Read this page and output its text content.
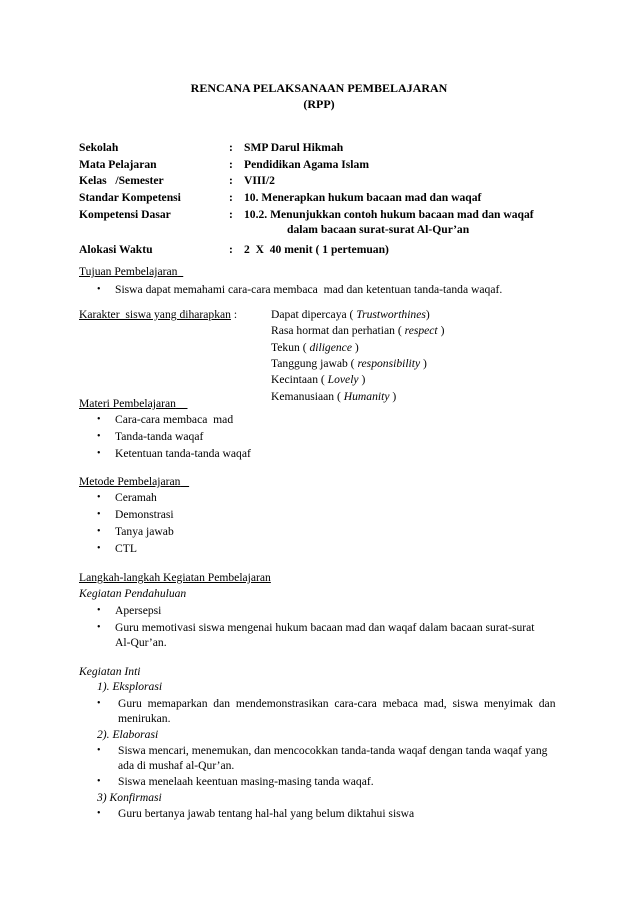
RENCANA PELAKSANAAN PEMBELAJARAN
(RPP)
Sekolah	: SMP Darul Hikmah
Mata Pelajaran	: Pendidikan Agama Islam
Kelas   /Semester	: VIII/2
Standar Kompetensi	: 10. Menerapkan hukum bacaan mad dan waqaf
Kompetensi Dasar	: 10.2. Menunjukkan contoh hukum bacaan mad dan waqaf
dalam bacaan surat-surat Al-Qur’an
Alokasi Waktu	: 2  X  40 menit ( 1 pertemuan)
Tujuan Pembelajaran
• Siswa dapat memahami cara-cara membaca  mad dan ketentuan tanda-tanda waqaf.
Karakter  siswa yang diharapkan :	Dapat dipercaya ( Trustworthines)
Rasa hormat dan perhatian ( respect )
Tekun ( diligence )
Tanggung jawab ( responsibility )
Kecintaan ( Lovely )
Kemanusiaan ( Humanity )
Materi Pembelajaran
• Cara-cara membaca  mad
• Tanda-tanda waqaf
• Ketentuan tanda-tanda waqaf
Metode Pembelajaran
• Ceramah
• Demonstrasi
• Tanya jawab
• CTL
Langkah-langkah Kegiatan Pembelajaran
Kegiatan Pendahuluan
• Apersepsi
• Guru memotivasi siswa mengenai hukum bacaan mad dan waqaf dalam bacaan surat-surat
Al-Qur’an.
Kegiatan Inti
1). Eksplorasi
• Guru  memaparkan  dan  mendemonstrasikan  cara-cara  mebaca  mad,  siswa  menyimak  dan
menirukan.
2). Elaborasi
• Siswa mencari, menemukan, dan mencocokkan tanda-tanda waqaf dengan tanda waqaf yang
ada di mushaf al-Qur’an.
• Siswa menelaah keentuan masing-masing tanda waqaf.
3) Konfirmasi
• Guru bertanya jawab tentang hal-hal yang belum diktahui siswa
